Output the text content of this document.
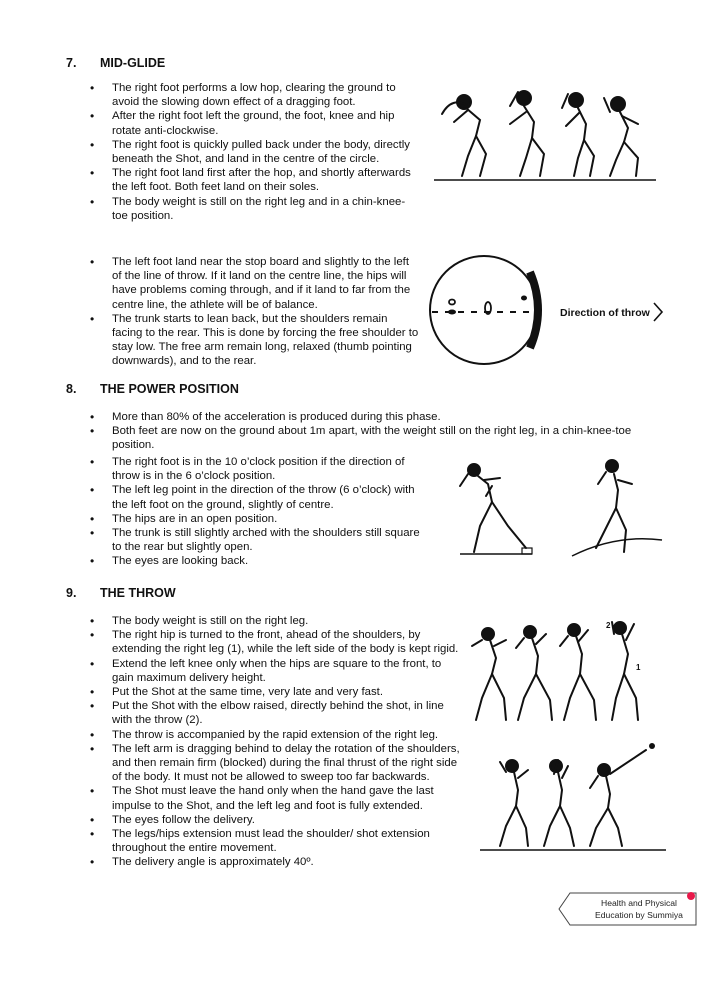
7. MID-GLIDE
• The right foot performs a low hop, clearing the ground to avoid the slowing down effect of a dragging foot.
• After the right foot left the ground, the foot, knee and hip rotate anti-clockwise.
• The right foot is quickly pulled back under the body, directly beneath the Shot, and land in the centre of the circle.
• The right foot land first after the hop, and shortly afterwards the left foot. Both feet land on their soles.
• The body weight is still on the right leg and in a chin-knee-toe position.
• The left foot land near the stop board and slightly to the left of the line of throw. If it land on the centre line, the hips will have problems coming through, and if it land to far from the centre line, the athlete will be of balance.
• The trunk starts to lean back, but the shoulders remain facing to the rear. This is done by forcing the free shoulder to stay low. The free arm remain long, relaxed (thumb pointing downwards), and to the rear.
Direction of throw
8. THE POWER POSITION
• More than 80% of the acceleration is produced during this phase.
• Both feet are now on the ground about 1m apart, with the weight still on the right leg, in a chin-knee-toe position.
• The right foot is in the 10 o’clock position if the direction of throw is in the 6 o’clock position.
• The left leg point in the direction of the throw (6 o’clock) with the left foot on the ground, slightly of centre.
• The hips are in an open position.
• The trunk is still slightly arched with the shoulders still square to the rear but slightly open.
• The eyes are looking back.
9. THE THROW
• The body weight is still on the right leg.
• The right hip is turned to the front, ahead of the shoulders, by extending the right leg (1), while the left side of the body is kept rigid.
• Extend the left knee only when the hips are square to the front, to gain maximum delivery height.
• Put the Shot at the same time, very late and very fast.
• Put the Shot with the elbow raised, directly behind the shot, in line with the throw (2).
• The throw is accompanied by the rapid extension of the right leg.
• The left arm is dragging behind to delay the rotation of the shoulders, and then remain firm (blocked) during the final thrust of the right side of the body. It must not be allowed to sweep too far backwards.
• The Shot must leave the hand only when the hand gave the last impulse to the Shot, and the left leg and foot is fully extended.
• The eyes follow the delivery.
• The legs/hips extension must lead the shoulder/ shot extension throughout the entire movement.
• The delivery angle is approximately 40º.
2
1
Health and Physical
Education by Summiya
